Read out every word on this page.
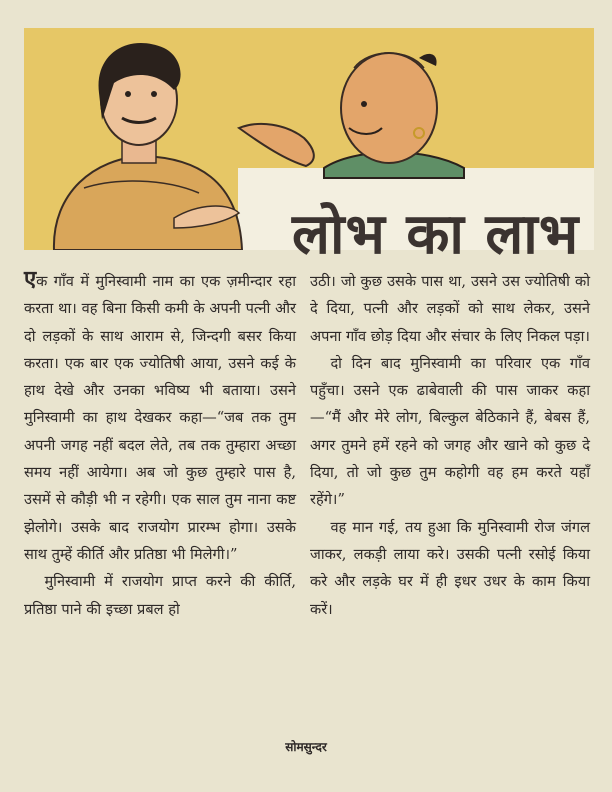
लोभ का लाभ

एक गाँव में मुनिस्वामी नाम का एक ज़मीन्दार रहा करता था। वह बिना किसी कमी के अपनी पत्नी और दो लड़कों के साथ आराम से, जिन्दगी बसर किया करता। एक बार एक ज्योतिषी आया, उसने कई के हाथ देखे और उनका भविष्य भी बताया। उसने मुनिस्वामी का हाथ देखकर कहा—“जब तक तुम अपनी जगह नहीं बदल लेते, तब तक तुम्हारा अच्छा समय नहीं आयेगा। अब जो कुछ तुम्हारे पास है, उसमें से कौड़ी भी न रहेगी। एक साल तुम नाना कष्ट झेलोगे। उसके बाद राजयोग प्रारम्भ होगा। उसके साथ तुम्हें कीर्ति और प्रतिष्ठा भी मिलेगी।”

मुनिस्वामी में राजयोग प्राप्त करने की कीर्ति, प्रतिष्ठा पाने की इच्छा प्रबल हो

उठी। जो कुछ उसके पास था, उसने उस ज्योतिषी को दे दिया, पत्नी और लड़कों को साथ लेकर, उसने अपना गाँव छोड़ दिया और संचार के लिए निकल पड़ा।

दो दिन बाद मुनिस्वामी का परिवार एक गाँव पहुँचा। उसने एक ढाबेवाली की पास जाकर कहा—“मैं और मेरे लोग, बिल्कुल बेठिकाने हैं, बेबस हैं, अगर तुमने हमें रहने को जगह और खाने को कुछ दे दिया, तो जो कुछ तुम कहोगी वह हम करते यहाँ रहेंगे।”

वह मान गई, तय हुआ कि मुनिस्वामी रोज जंगल जाकर, लकड़ी लाया करे। उसकी पत्नी रसोई किया करे और लड़के घर में ही इधर उधर के काम किया करें।

सोमसुन्दर
